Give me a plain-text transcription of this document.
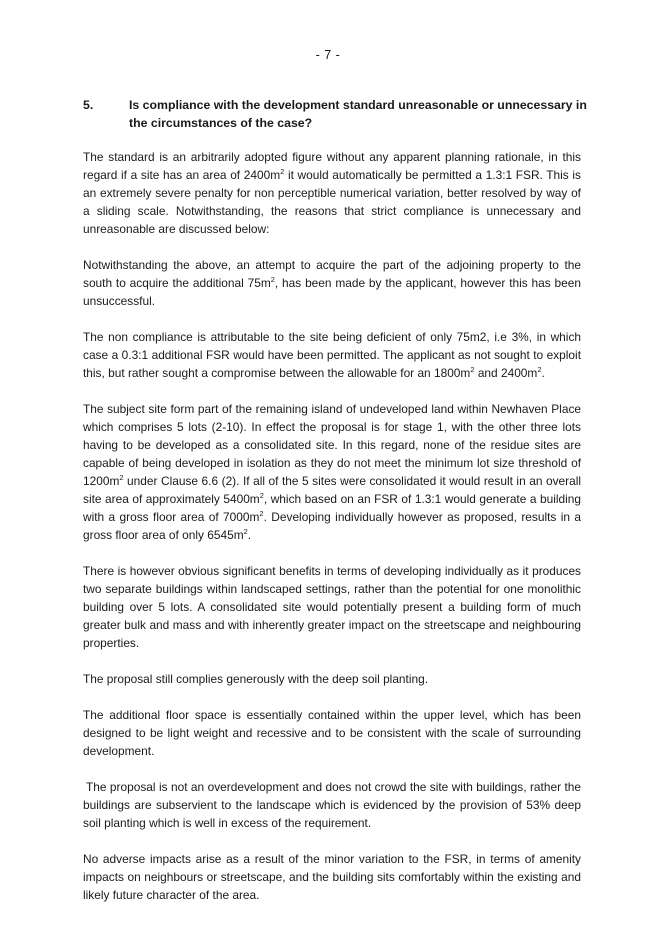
- 7 -
5.	Is compliance with the development standard unreasonable or unnecessary in the circumstances of the case?

The standard is an arbitrarily adopted figure without any apparent planning rationale, in this regard if a site has an area of $2400m^2$ it would automatically be permitted a 1.3:1 FSR. This is an extremely severe penalty for non perceptible numerical variation, better resolved by way of a sliding scale. Notwithstanding, the reasons that strict compliance is unnecessary and unreasonable are discussed below:

Notwithstanding the above, an attempt to acquire the part of the adjoining property to the south to acquire the additional $75m^2$, has been made by the applicant, however this has been unsuccessful.

The non compliance is attributable to the site being deficient of only 75m2, i.e 3%, in which case a 0.3:1 additional FSR would have been permitted. The applicant as not sought to exploit this, but rather sought a compromise between the allowable for an $1800m^2$ and $2400m^2$.

The subject site form part of the remaining island of undeveloped land within Newhaven Place which comprises 5 lots (2-10). In effect the proposal is for stage 1, with the other three lots having to be developed as a consolidated site. In this regard, none of the residue sites are capable of being developed in isolation as they do not meet the minimum lot size threshold of $1200m^2$ under Clause 6.6 (2). If all of the 5 sites were consolidated it would result in an overall site area of approximately $5400m^2$, which based on an FSR of 1.3:1 would generate a building with a gross floor area of $7000m^2$. Developing individually however as proposed, results in a gross floor area of only $6545m^2$.

There is however obvious significant benefits in terms of developing individually as it produces two separate buildings within landscaped settings, rather than the potential for one monolithic building over 5 lots. A consolidated site would potentially present a building form of much greater bulk and mass and with inherently greater impact on the streetscape and neighbouring properties.

The proposal still complies generously with the deep soil planting.

The additional floor space is essentially contained within the upper level, which has been designed to be light weight and recessive and to be consistent with the scale of surrounding development.

The proposal is not an overdevelopment and does not crowd the site with buildings, rather the buildings are subservient to the landscape which is evidenced by the provision of 53% deep soil planting which is well in excess of the requirement.

No adverse impacts arise as a result of the minor variation to the FSR, in terms of amenity impacts on neighbours or streetscape, and the building sits comfortably within the existing and likely future character of the area.
